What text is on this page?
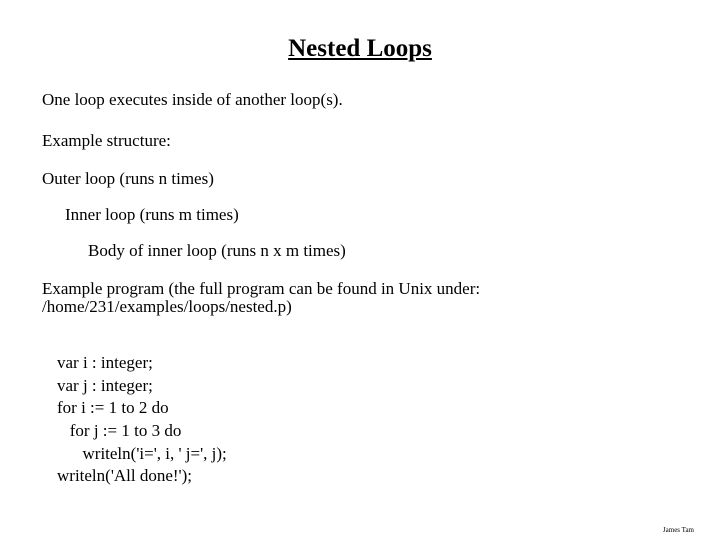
Nested Loops
One loop executes inside of another loop(s).
Example structure:
Outer loop (runs n times)
Inner loop (runs m times)
Body of inner loop (runs n x m times)
Example program (the full program can be found in Unix under:
/home/231/examples/loops/nested.p)
var i : integer;
var j : integer;
for i := 1 to 2 do
for j := 1 to 3 do
writeln('i=', i, ' j=', j);
writeln('All done!');
James Tam
